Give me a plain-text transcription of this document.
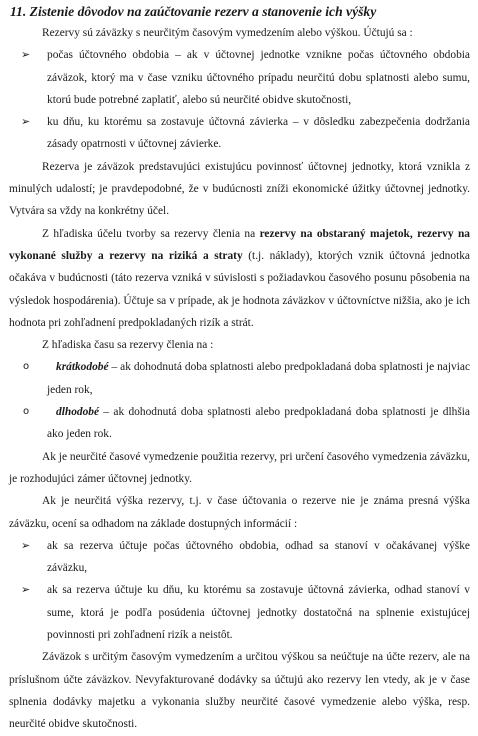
11. Zistenie dôvodov na zaúčtovanie rezerv a stanovenie ich výšky

Rezervy sú záväzky s neurčitým časovým vymedzením alebo výškou. Účtujú sa :

➢	počas účtovného obdobia – ak v účtovnej jednotke vznikne počas účtovného obdobia záväzok, ktorý ma v čase vzniku účtovného prípadu neurčitú dobu splatnosti alebo sumu, ktorú bude potrebné zaplatiť, alebo sú neurčité obidve skutočnosti,

➢	ku dňu, ku ktorému sa zostavuje účtovná závierka – v dôsledku zabezpečenia dodržania zásady opatrnosti v účtovnej závierke.

Rezerva je záväzok predstavujúci existujúcu povinnosť účtovnej jednotky, ktorá vznikla z minulých udalostí; je pravdepodobné, že v budúcnosti zníži ekonomické úžitky účtovnej jednotky. Vytvára sa vždy na konkrétny účel.

Z hľadiska účelu tvorby sa rezervy členia na rezervy na obstaraný majetok, rezervy na vykonané služby a rezervy na riziká a straty (t.j. náklady), ktorých vznik účtovná jednotka očakáva v budúcnosti (táto rezerva vzniká v súvislosti s požiadavkou časového posunu pôsobenia na výsledok hospodárenia). Účtuje sa v prípade, ak je hodnota záväzkov v účtovníctve nižšia, ako je ich hodnota pri zohľadnení predpokladaných rizík a strát.

Z hľadiska času sa rezervy členia na :

o krátkodobé – ak dohodnutá doba splatnosti alebo predpokladaná doba splatnosti je najviac jeden rok,

o dlhodobé – ak dohodnutá doba splatnosti alebo predpokladaná doba splatnosti je dlhšia ako jeden rok.

Ak je neurčité časové vymedzenie použitia rezervy, pri určení časového vymedzenia záväzku, je rozhodujúci zámer účtovnej jednotky.

Ak je neurčitá výška rezervy, t.j. v čase účtovania o rezerve nie je známa presná výška záväzku, ocení sa odhadom na základe dostupných informácií :

➢	ak sa rezerva účtuje počas účtovného obdobia, odhad sa stanoví v očakávanej výške záväzku,

➢	ak sa rezerva účtuje ku dňu, ku ktorému sa zostavuje účtovná závierka, odhad stanoví v sume, ktorá je podľa posúdenia účtovnej jednotky dostatočná na splnenie existujúcej povinnosti pri zohľadnení rizík a neistôt.

Záväzok s určitým časovým vymedzením a určitou výškou sa neúčtuje na účte rezerv, ale na príslušnom účte záväzkov. Nevyfakturované dodávky sa účtujú ako rezervy len vtedy, ak je v čase splnenia dodávky majetku a vykonania služby neurčité časové vymedzenie alebo výška, resp. neurčité obidve skutočnosti.
